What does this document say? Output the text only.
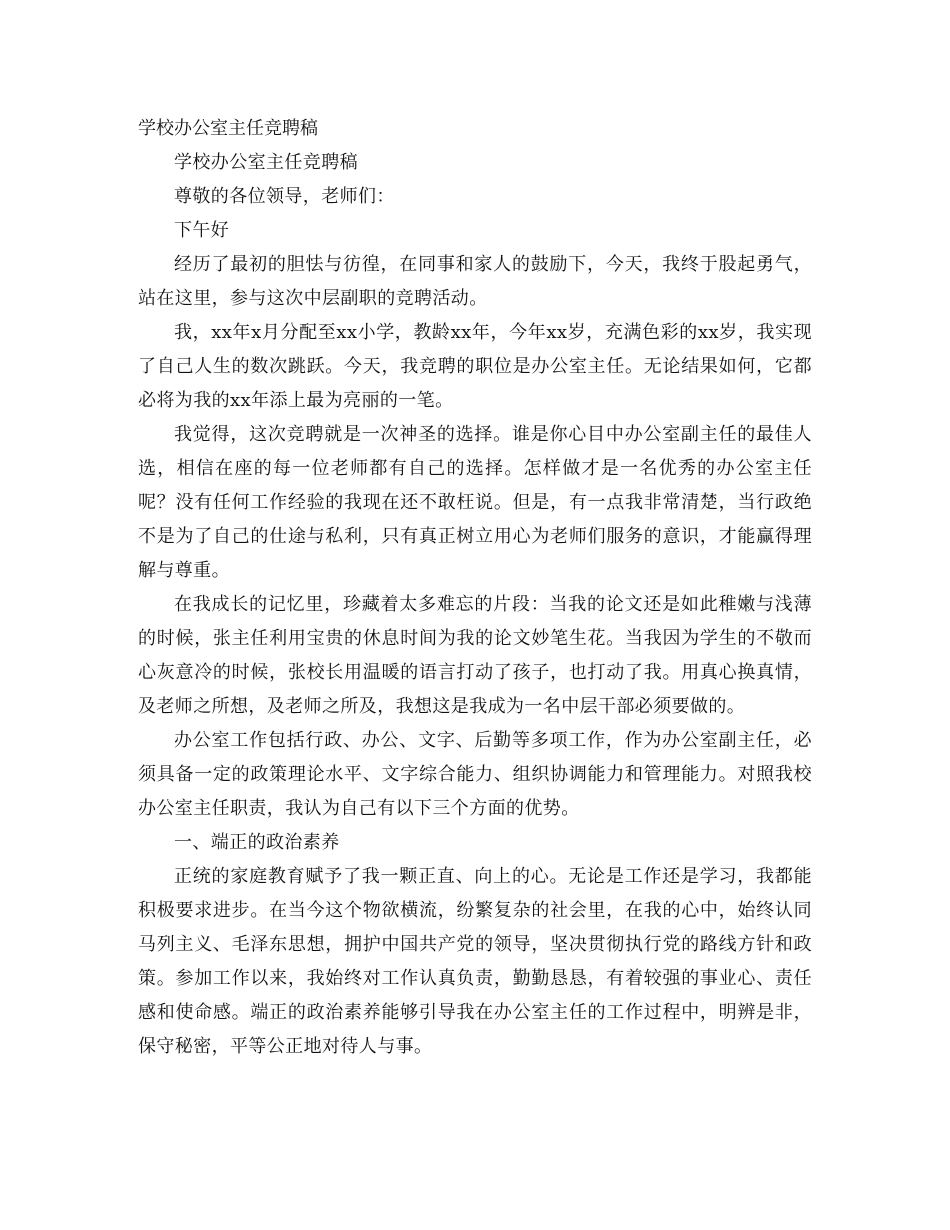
学校办公室主任竞聘稿

学校办公室主任竞聘稿

尊敬的各位领导，老师们：

下午好

经历了最初的胆怯与彷徨，在同事和家人的鼓励下，今天，我终于股起勇气，站在这里，参与这次中层副职的竞聘活动。

我，xx年x月分配至xx小学，教龄xx年，今年xx岁，充满色彩的xx岁，我实现了自己人生的数次跳跃。今天，我竞聘的职位是办公室主任。无论结果如何，它都必将为我的xx年添上最为亮丽的一笔。

我觉得，这次竞聘就是一次神圣的选择。谁是你心目中办公室副主任的最佳人选，相信在座的每一位老师都有自己的选择。怎样做才是一名优秀的办公室主任呢？没有任何工作经验的我现在还不敢枉说。但是，有一点我非常清楚，当行政绝不是为了自己的仕途与私利，只有真正树立用心为老师们服务的意识，才能赢得理解与尊重。

在我成长的记忆里，珍藏着太多难忘的片段：当我的论文还是如此稚嫩与浅薄的时候，张主任利用宝贵的休息时间为我的论文妙笔生花。当我因为学生的不敬而心灰意冷的时候，张校长用温暖的语言打动了孩子，也打动了我。用真心换真情，及老师之所想，及老师之所及，我想这是我成为一名中层干部必须要做的。

办公室工作包括行政、办公、文字、后勤等多项工作，作为办公室副主任，必须具备一定的政策理论水平、文字综合能力、组织协调能力和管理能力。对照我校办公室主任职责，我认为自己有以下三个方面的优势。

一、端正的政治素养

正统的家庭教育赋予了我一颗正直、向上的心。无论是工作还是学习，我都能积极要求进步。在当今这个物欲横流，纷繁复杂的社会里，在我的心中，始终认同马列主义、毛泽东思想，拥护中国共产党的领导，坚决贯彻执行党的路线方针和政策。参加工作以来，我始终对工作认真负责，勤勤恳恳，有着较强的事业心、责任感和使命感。端正的政治素养能够引导我在办公室主任的工作过程中，明辨是非，保守秘密，平等公正地对待人与事。
